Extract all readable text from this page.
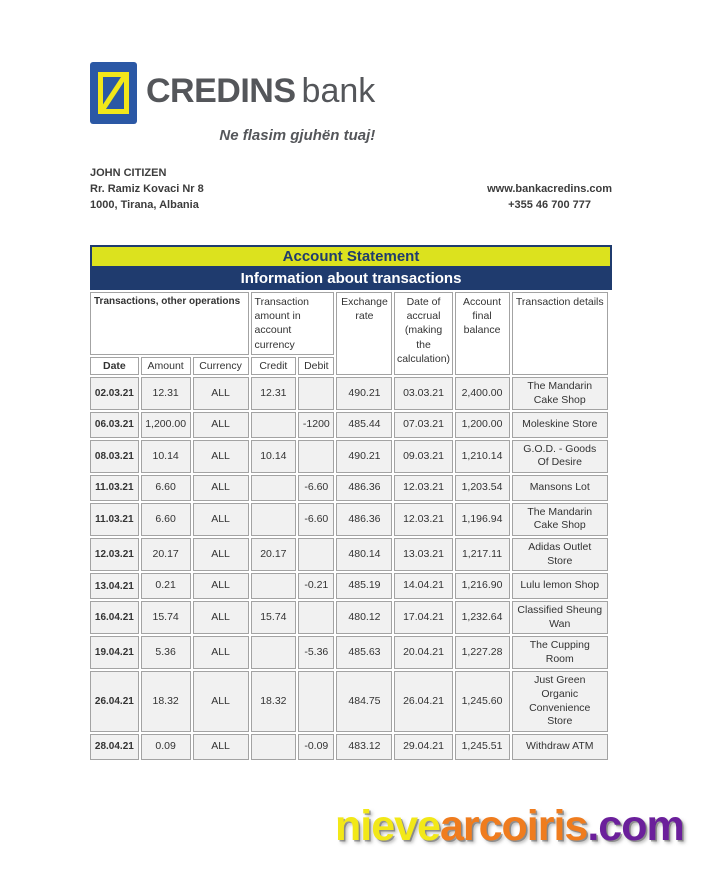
CREDINS bank
Ne flasim gjuhën tuaj!
JOHN CITIZEN
Rr. Ramiz Kovaci Nr 8
1000, Tirana, Albania
www.bankacredins.com
+355 46 700 777
Account Statement
Information about transactions
Transactions, other operations			Transaction amount in account currency		Exchange rate	Date of accrual (making the calculation)	Account final balance	Transaction details
Date	Amount	Currency	Credit	Debit				
02.03.21	12.31	ALL	12.31		490.21	03.03.21	2,400.00	The Mandarin Cake Shop
06.03.21	1,200.00	ALL		-1200	485.44	07.03.21	1,200.00	Moleskine Store
08.03.21	10.14	ALL	10.14		490.21	09.03.21	1,210.14	G.O.D. - Goods Of Desire
11.03.21	6.60	ALL		-6.60	486.36	12.03.21	1,203.54	Mansons Lot
11.03.21	6.60	ALL		-6.60	486.36	12.03.21	1,196.94	The Mandarin Cake Shop
12.03.21	20.17	ALL	20.17		480.14	13.03.21	1,217.11	Adidas Outlet Store
13.04.21	0.21	ALL		-0.21	485.19	14.04.21	1,216.90	Lulu lemon Shop
16.04.21	15.74	ALL	15.74		480.12	17.04.21	1,232.64	Classified Sheung Wan
19.04.21	5.36	ALL		-5.36	485.63	20.04.21	1,227.28	The Cupping Room
26.04.21	18.32	ALL	18.32		484.75	26.04.21	1,245.60	Just Green Organic Convenience Store
28.04.21	0.09	ALL		-0.09	483.12	29.04.21	1,245.51	Withdraw ATM
nievearcoiris.com
